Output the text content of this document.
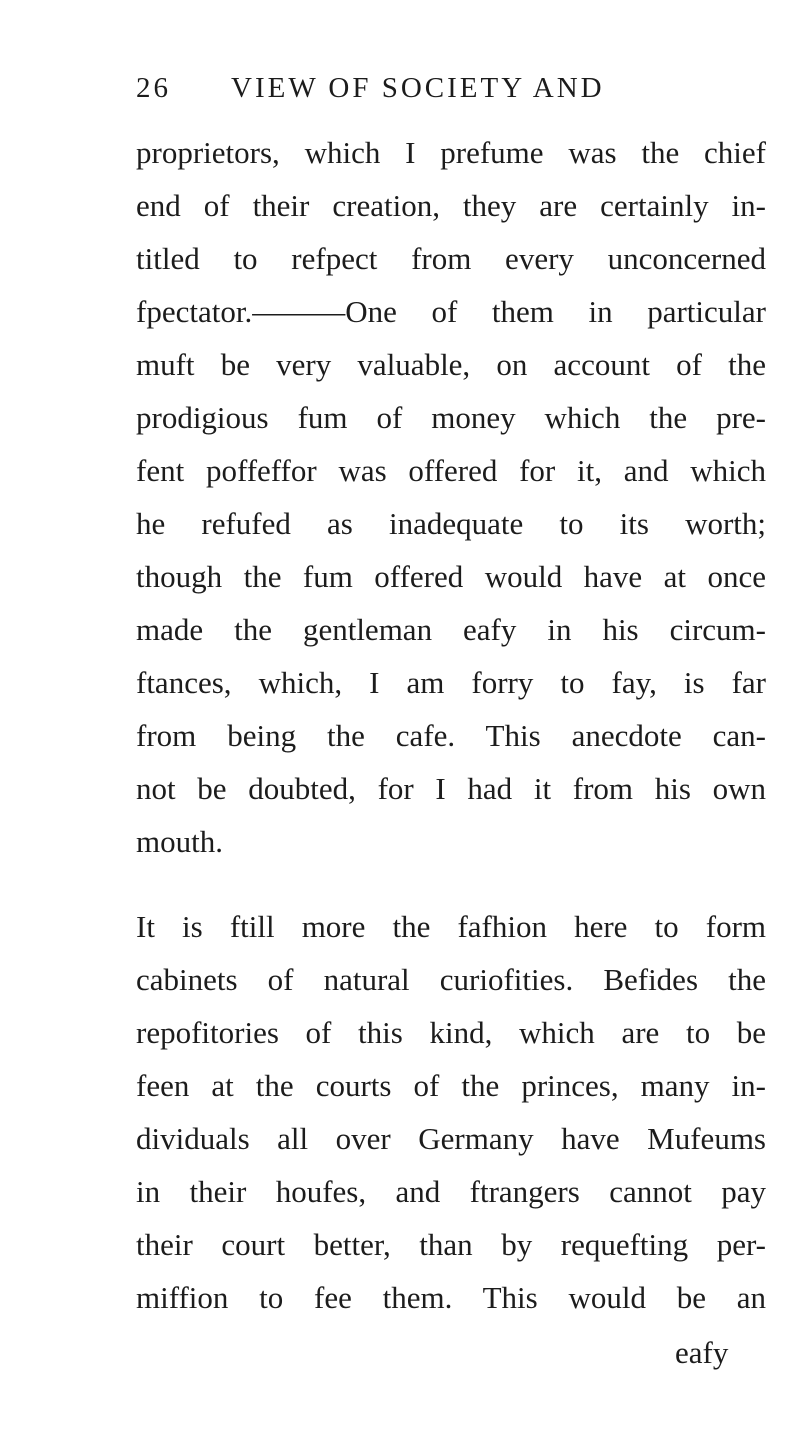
26 VIEW OF SOCIETY AND
proprietors, which I prefume was the chief
end of their creation, they are certainly in-
titled to refpect from every unconcerned
fpectator.———One of them in particular
muft be very valuable, on account of the
prodigious fum of money which the pre-
fent poffeffor was offered for it, and which
he refufed as inadequate to its worth;
though the fum offered would have at once
made the gentleman eafy in his circum-
ftances, which, I am forry to fay, is far
from being the cafe. This anecdote can-
not be doubted, for I had it from his own
mouth.
It is ftill more the fafhion here to form
cabinets of natural curiofities. Befides the
repofitories of this kind, which are to be
feen at the courts of the princes, many in-
dividuals all over Germany have Mufeums
in their houfes, and ftrangers cannot pay
their court better, than by requefting per-
miffion to fee them. This would be an
eafy
